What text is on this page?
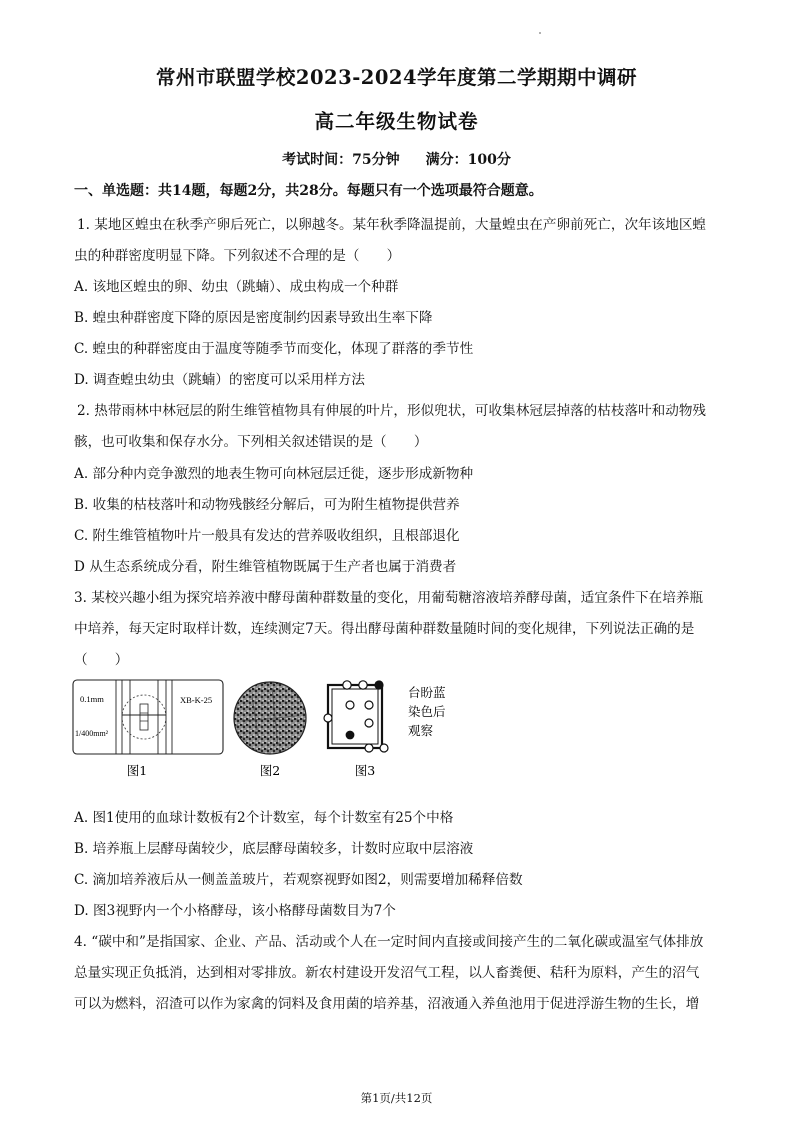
常州市联盟学校2023-2024学年度第二学期期中调研
高二年级生物试卷
考试时间：75分钟 满分：100分
一、单选题：共14题，每题2分，共28分。每题只有一个选项最符合题意。
1. 某地区蝗虫在秋季产卵后死亡，以卵越冬。某年秋季降温提前，大量蝗虫在产卵前死亡，次年该地区蝗
虫的种群密度明显下降。下列叙述不合理的是（　　）
A. 该地区蝗虫的卵、幼虫（跳蝻）、成虫构成一个种群
B. 蝗虫种群密度下降的原因是密度制约因素导致出生率下降
C. 蝗虫的种群密度由于温度等随季节而变化，体现了群落的季节性
D. 调查蝗虫幼虫（跳蝻）的密度可以采用样方法
2. 热带雨林中林冠层的附生维管植物具有伸展的叶片，形似兜状，可收集林冠层掉落的枯枝落叶和动物残
骸，也可收集和保存水分。下列相关叙述错误的是（　　）
A. 部分种内竞争激烈的地表生物可向林冠层迁徙，逐步形成新物种
B. 收集的枯枝落叶和动物残骸经分解后，可为附生植物提供营养
C. 附生维管植物叶片一般具有发达的营养吸收组织，且根部退化
D 从生态系统成分看，附生维管植物既属于生产者也属于消费者
3. 某校兴趣小组为探究培养液中酵母菌种群数量的变化，用葡萄糖溶液培养酵母菌，适宜条件下在培养瓶
中培养，每天定时取样计数，连续测定7天。得出酵母菌种群数量随时间的变化规律，下列说法正确的是
（　　）
0.1mm	XB-K-25
1/400mm²
台盼蓝
染色后
观察
图1	图2	图3
A. 图1使用的血球计数板有2个计数室，每个计数室有25个中格
B. 培养瓶上层酵母菌较少，底层酵母菌较多，计数时应取中层溶液
C. 滴加培养液后从一侧盖盖玻片，若观察视野如图2，则需要增加稀释倍数
D. 图3视野内一个小格酵母，该小格酵母菌数目为7个
4. “碳中和”是指国家、企业、产品、活动或个人在一定时间内直接或间接产生的二氧化碳或温室气体排放
总量实现正负抵消，达到相对零排放。新农村建设开发沼气工程，以人畜粪便、秸秆为原料，产生的沼气
可以为燃料，沼渣可以作为家禽的饲料及食用菌的培养基，沼液通入养鱼池用于促进浮游生物的生长，增
第1页/共12页
